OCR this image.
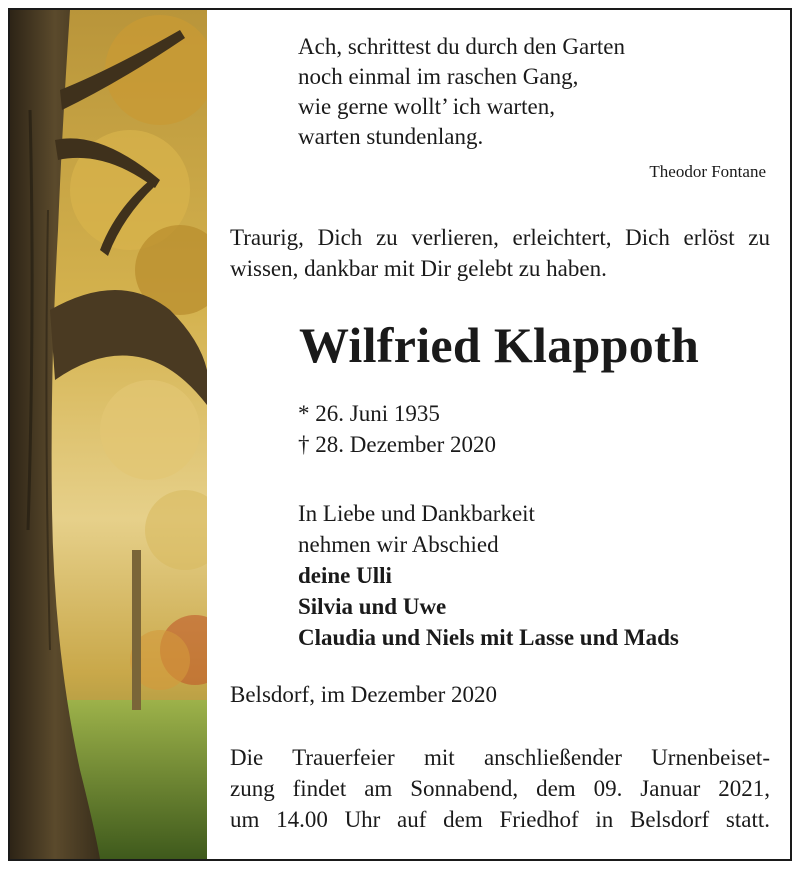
Ach, schrittest du durch den Garten
noch einmal im raschen Gang,
wie gerne wollt’ ich warten,
warten stundenlang.
Theodor Fontane
Traurig, Dich zu verlieren, erleichtert, Dich erlöst zu wissen, dankbar mit Dir gelebt zu haben.
Wilfried Klappoth
* 26. Juni 1935
† 28. Dezember 2020
In Liebe und Dankbarkeit
nehmen wir Abschied
deine Ulli
Silvia und Uwe
Claudia und Niels mit Lasse und Mads
Belsdorf, im Dezember 2020
Die Trauerfeier mit anschließender Urnenbeiset-
zung findet am Sonnabend, dem 09. Januar 2021,
um 14.00 Uhr auf dem Friedhof in Belsdorf statt.
